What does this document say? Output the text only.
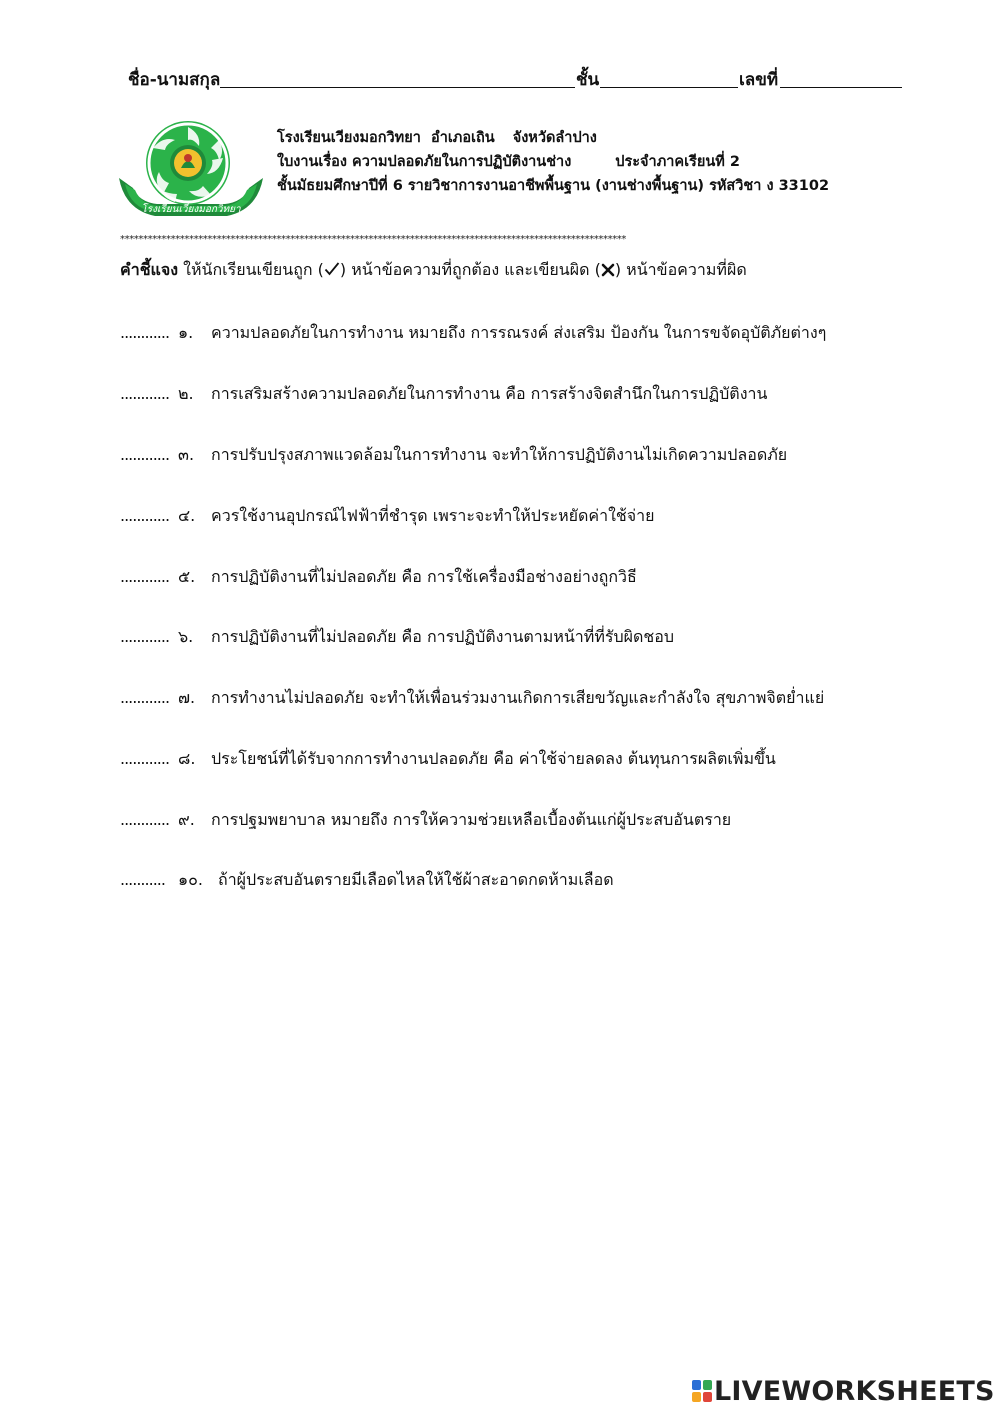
ชื่อ-นามสกุล	ชั้น	เลขที่
โรงเรียนเวียงมอกวิทยา
โรงเรียนเวียงมอกวิทยา อำเภอเถิน จังหวัดลำปาง
ใบงานเรื่อง ความปลอดภัยในการปฏิบัติงานช่าง	ประจำภาคเรียนที่ 2
ชั้นมัธยมศึกษาปีที่ 6 รายวิชาการงานอาชีพพื้นฐาน (งานช่างพื้นฐาน) รหัสวิชา ง 33102
**************************************************************************************************************
คำชี้แจง ให้นักเรียนเขียนถูก ( ) หน้าข้อความที่ถูกต้อง และเขียนผิด ( ) หน้าข้อความที่ผิด
............ ๑. ความปลอดภัยในการทำงาน หมายถึง การรณรงค์ ส่งเสริม ป้องกัน ในการขจัดอุบัติภัยต่างๆ
............ ๒. การเสริมสร้างความปลอดภัยในการทำงาน คือ การสร้างจิตสำนึกในการปฏิบัติงาน
............ ๓. การปรับปรุงสภาพแวดล้อมในการทำงาน จะทำให้การปฏิบัติงานไม่เกิดความปลอดภัย
............ ๔. ควรใช้งานอุปกรณ์ไฟฟ้าที่ชำรุด เพราะจะทำให้ประหยัดค่าใช้จ่าย
............ ๕. การปฏิบัติงานที่ไม่ปลอดภัย คือ การใช้เครื่องมือช่างอย่างถูกวิธี
............ ๖. การปฏิบัติงานที่ไม่ปลอดภัย คือ การปฏิบัติงานตามหน้าที่ที่รับผิดชอบ
............ ๗. การทำงานไม่ปลอดภัย จะทำให้เพื่อนร่วมงานเกิดการเสียขวัญและกำลังใจ สุขภาพจิตย่ำแย่
............ ๘. ประโยชน์ที่ได้รับจากการทำงานปลอดภัย คือ ค่าใช้จ่ายลดลง ต้นทุนการผลิตเพิ่มขึ้น
............ ๙. การปฐมพยาบาล หมายถึง การให้ความช่วยเหลือเบื้องต้นแก่ผู้ประสบอันตราย
........... ๑๐. ถ้าผู้ประสบอันตรายมีเลือดไหลให้ใช้ผ้าสะอาดกดห้ามเลือด
LIVEWORKSHEETS
